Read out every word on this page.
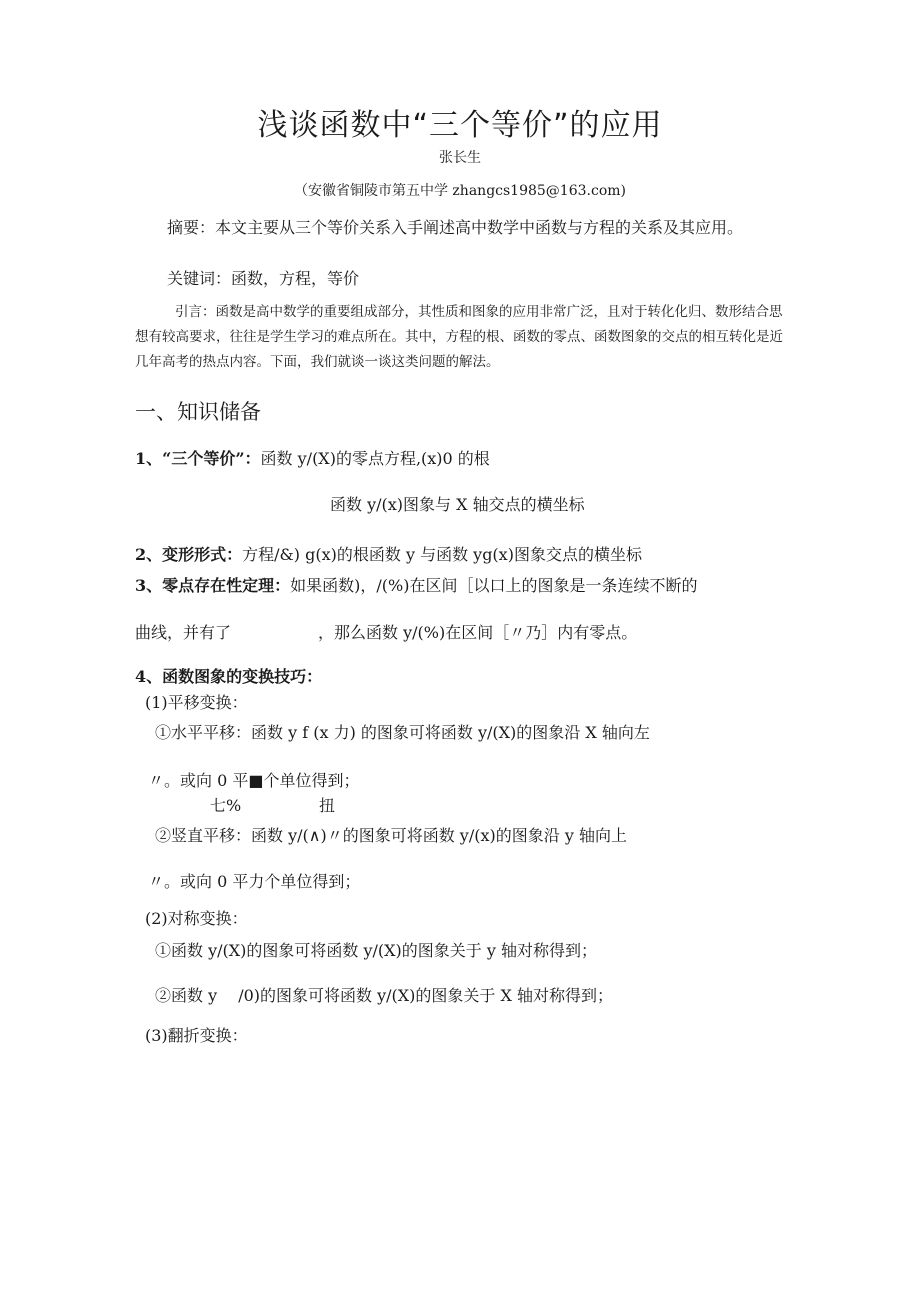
浅谈函数中“三个等价”的应用
张长生
（安徽省铜陵市第五中学 zhangcs1985@163.com)
摘要：本文主要从三个等价关系入手阐述高中数学中函数与方程的关系及其应用。
关键词：函数，方程，等价
引言：函数是高中数学的重要组成部分，其性质和图象的应用非常广泛，且对于转化化归、数形结合思想有较高要求，往往是学生学习的难点所在。其中，方程的根、函数的零点、函数图象的交点的相互转化是近几年高考的热点内容。下面，我们就谈一谈这类问题的解法。
一、知识储备
1、“三个等价”：函数 y/(X)的零点方程,(x)0 的根
函数 y/(x)图象与 X 轴交点的横坐标
2、变形形式：方程/&) g(x)的根函数 y 与函数 yg(x)图象交点的横坐标
3、零点存在性定理：如果函数)，/(%)在区间［以口上的图象是一条连续不断的
曲线，并有了	，那么函数 y/(%)在区间［〃乃］内有零点。
4、函数图象的变换技巧：
(1)平移变换：
①水平平移：函数 y f (x 力) 的图象可将函数 y/(X)的图象沿 X 轴向左
〃。或向 0 平■个单位得到；
七%	扭
②竖直平移：函数 y/(∧)〃的图象可将函数 y/(x)的图象沿 y 轴向上
〃。或向 0 平力个单位得到；
(2)对称变换：
①函数 y/(X)的图象可将函数 y/(X)的图象关于 y 轴对称得到；
②函数 y　 /0)的图象可将函数 y/(X)的图象关于 X 轴对称得到；
(3)翻折变换：
